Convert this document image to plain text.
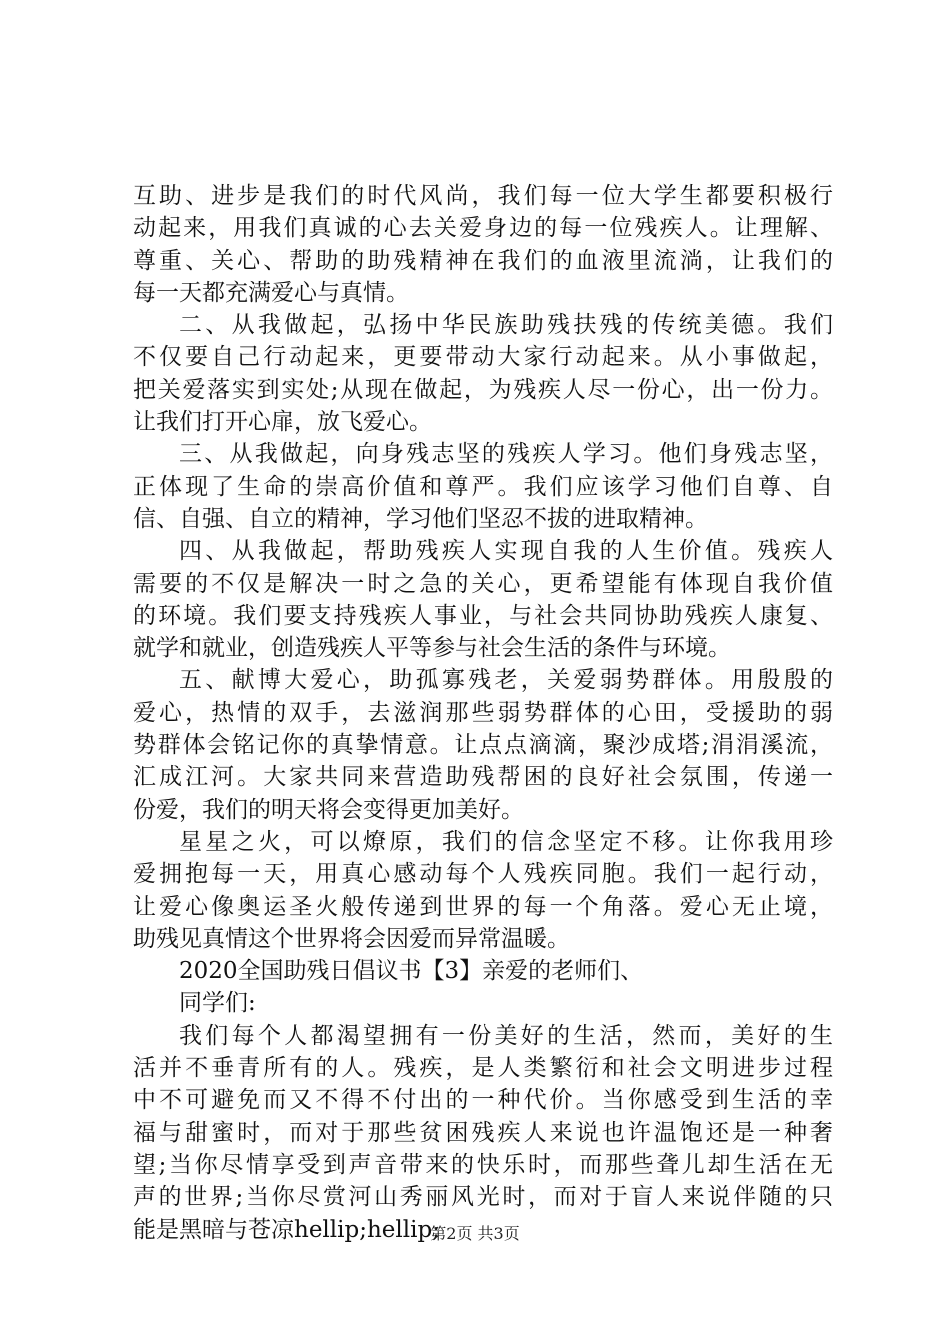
互助、进步是我们的时代风尚，我们每一位大学生都要积极行
动起来，用我们真诚的心去关爱身边的每一位残疾人。让理解、
尊重、关心、帮助的助残精神在我们的血液里流淌，让我们的
每一天都充满爱心与真情。
二、从我做起，弘扬中华民族助残扶残的传统美德。我们
不仅要自己行动起来，更要带动大家行动起来。从小事做起，
把关爱落实到实处;从现在做起，为残疾人尽一份心，出一份力。
让我们打开心扉，放飞爱心。
三、从我做起，向身残志坚的残疾人学习。他们身残志坚，
正体现了生命的崇高价值和尊严。我们应该学习他们自尊、自
信、自强、自立的精神，学习他们坚忍不拔的进取精神。
四、从我做起，帮助残疾人实现自我的人生价值。残疾人
需要的不仅是解决一时之急的关心，更希望能有体现自我价值
的环境。我们要支持残疾人事业，与社会共同协助残疾人康复、
就学和就业，创造残疾人平等参与社会生活的条件与环境。
五、献博大爱心，助孤寡残老，关爱弱势群体。用殷殷的
爱心，热情的双手，去滋润那些弱势群体的心田，受援助的弱
势群体会铭记你的真挚情意。让点点滴滴，聚沙成塔;涓涓溪流，
汇成江河。大家共同来营造助残帮困的良好社会氛围，传递一
份爱，我们的明天将会变得更加美好。
星星之火，可以燎原，我们的信念坚定不移。让你我用珍
爱拥抱每一天，用真心感动每个人残疾同胞。我们一起行动，
让爱心像奥运圣火般传递到世界的每一个角落。爱心无止境，
助残见真情这个世界将会因爱而异常温暖。
2020全国助残日倡议书【3】亲爱的老师们、
同学们:
我们每个人都渴望拥有一份美好的生活，然而，美好的生
活并不垂青所有的人。残疾，是人类繁衍和社会文明进步过程
中不可避免而又不得不付出的一种代价。当你感受到生活的幸
福与甜蜜时，而对于那些贫困残疾人来说也许温饱还是一种奢
望;当你尽情享受到声音带来的快乐时，而那些聋儿却生活在无
声的世界;当你尽赏河山秀丽风光时，而对于盲人来说伴随的只
能是黑暗与苍凉hellip;hellip;
第2页 共3页
